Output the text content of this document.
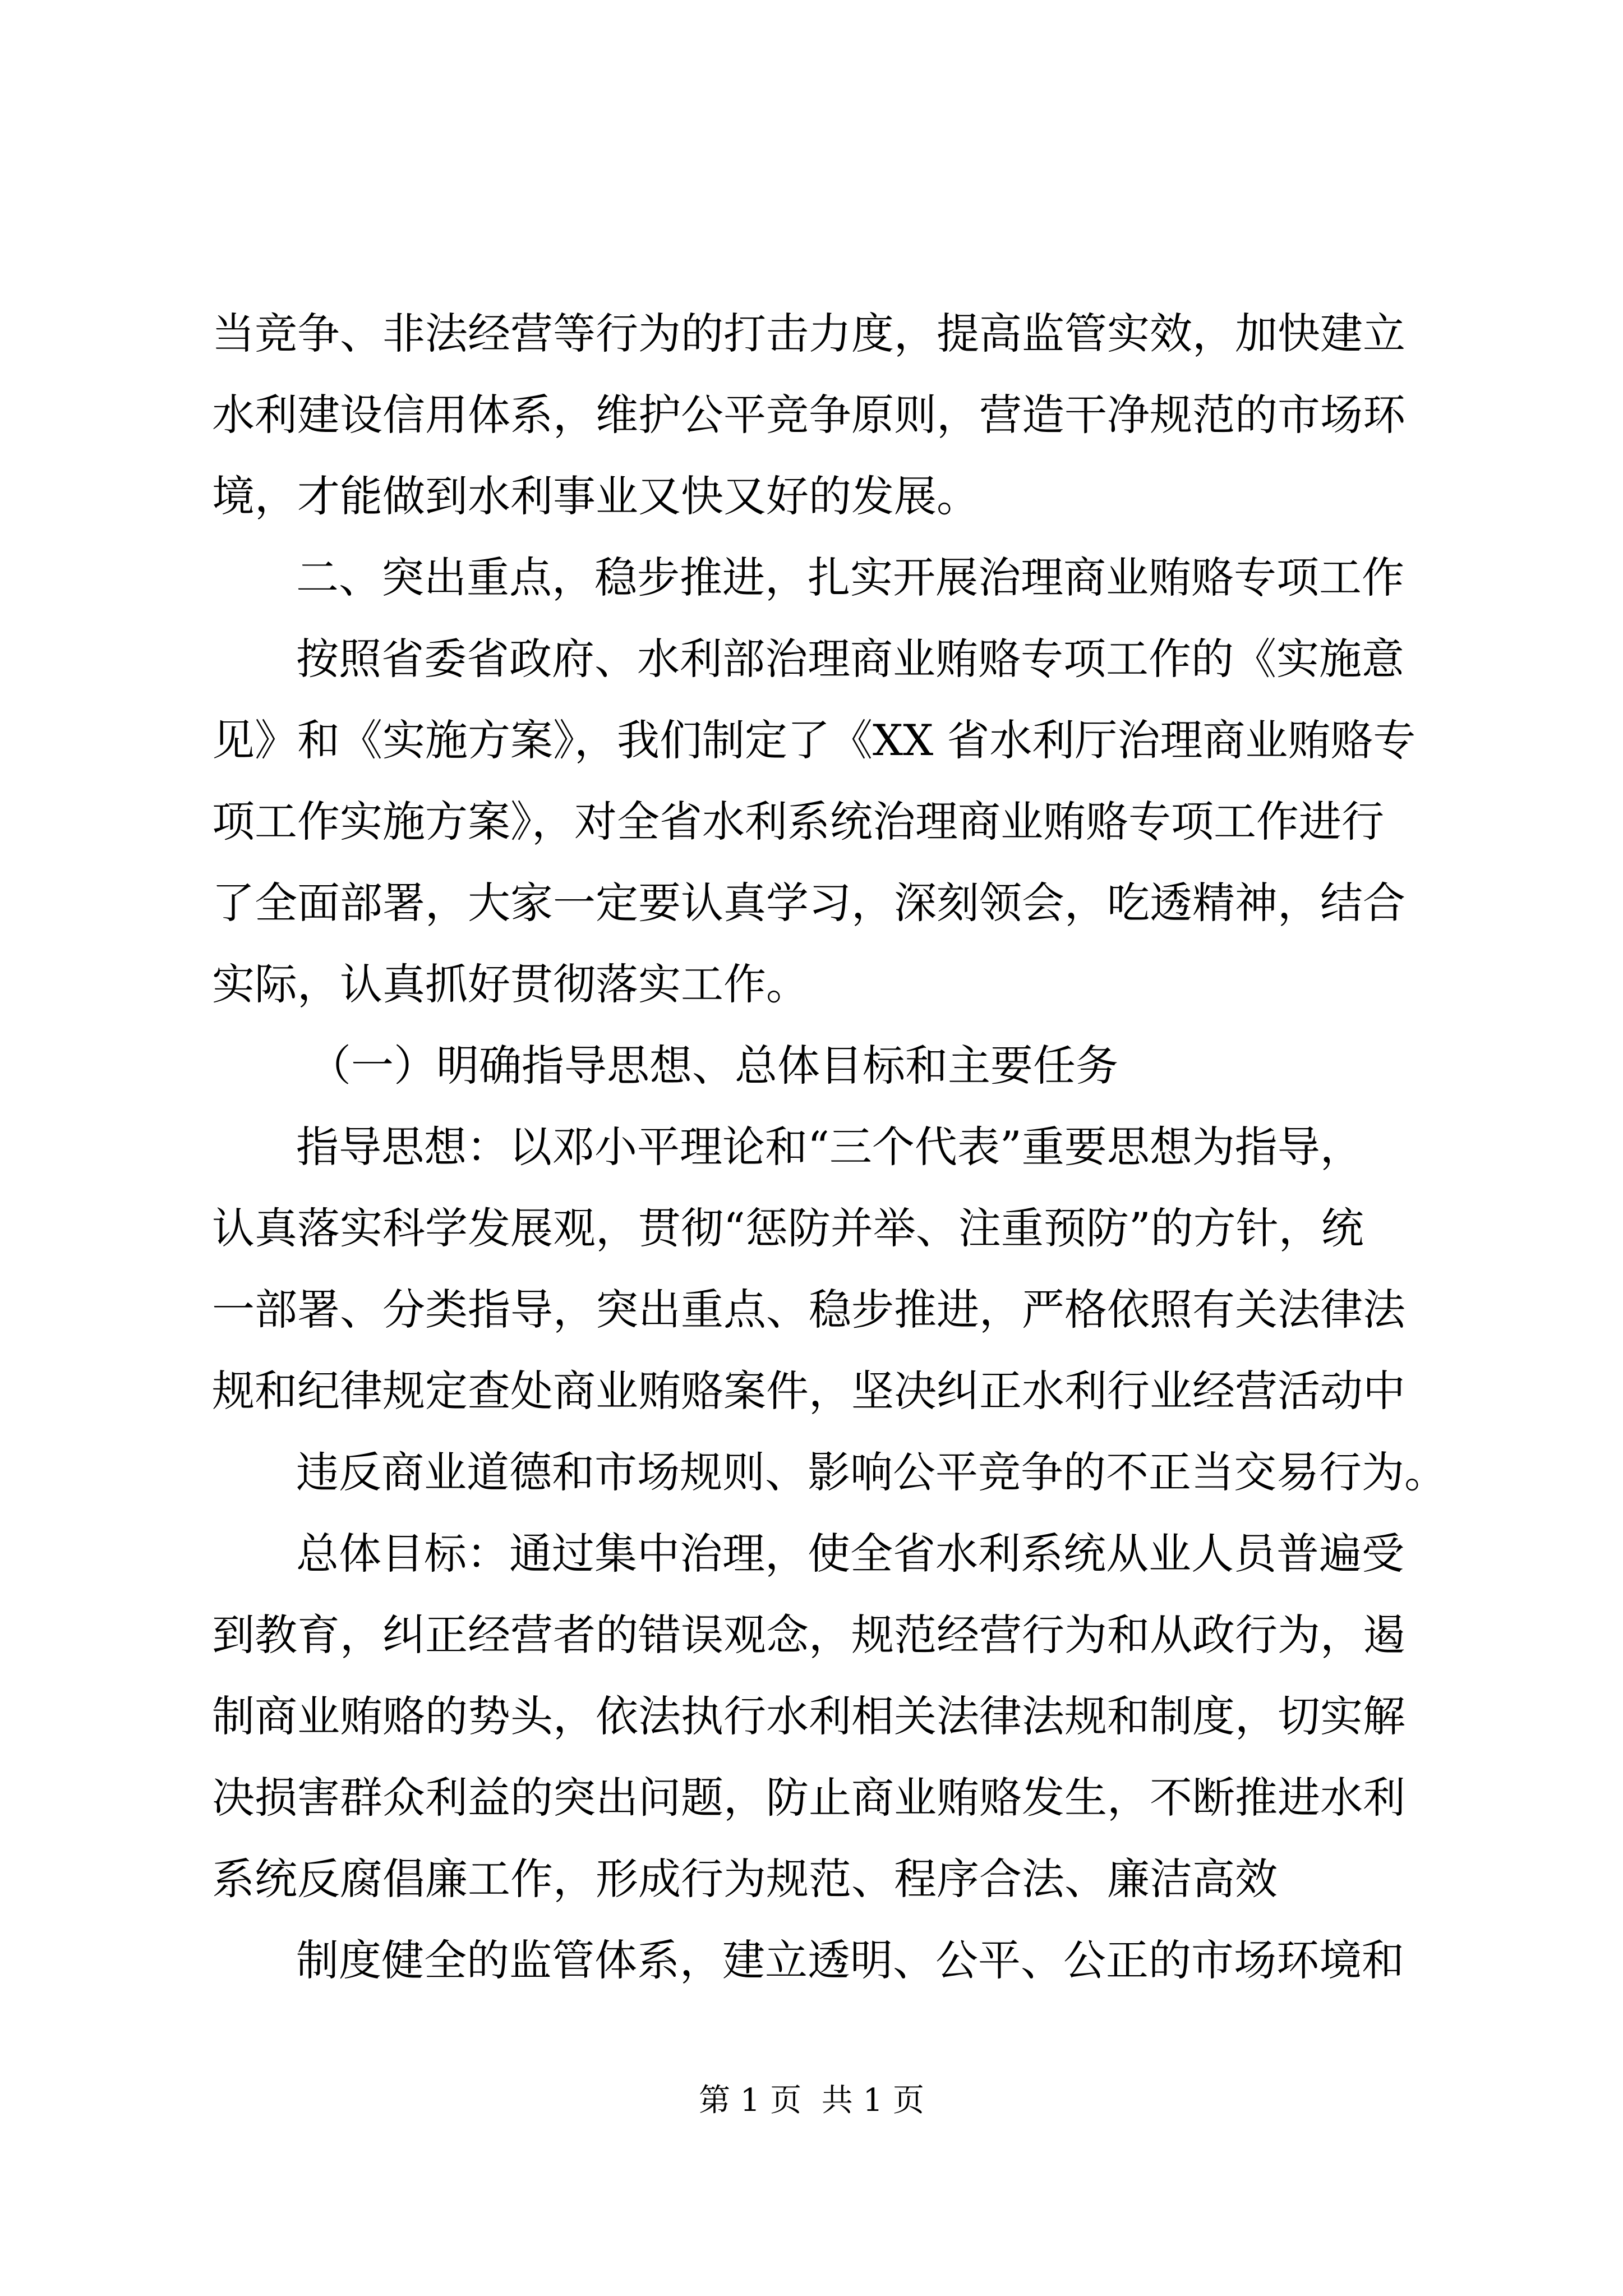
当竞争、非法经营等行为的打击力度，提高监管实效，加快建立
水利建设信用体系，维护公平竞争原则，营造干净规范的市场环
境，才能做到水利事业又快又好的发展。
二、突出重点，稳步推进，扎实开展治理商业贿赂专项工作
按照省委省政府、水利部治理商业贿赂专项工作的《实施意
见》和《实施方案》，我们制定了《XX 省水利厅治理商业贿赂专
项工作实施方案》，对全省水利系统治理商业贿赂专项工作进行
了全面部署，大家一定要认真学习，深刻领会，吃透精神，结合
实际，认真抓好贯彻落实工作。
（一）明确指导思想、总体目标和主要任务
指导思想：以邓小平理论和“三个代表”重要思想为指导，
认真落实科学发展观，贯彻“惩防并举、注重预防”的方针，统
一部署、分类指导，突出重点、稳步推进，严格依照有关法律法
规和纪律规定查处商业贿赂案件，坚决纠正水利行业经营活动中
违反商业道德和市场规则、影响公平竞争的不正当交易行为。
总体目标：通过集中治理，使全省水利系统从业人员普遍受
到教育，纠正经营者的错误观念，规范经营行为和从政行为，遏
制商业贿赂的势头，依法执行水利相关法律法规和制度，切实解
决损害群众利益的突出问题，防止商业贿赂发生，不断推进水利
系统反腐倡廉工作，形成行为规范、程序合法、廉洁高效
制度健全的监管体系，建立透明、公平、公正的市场环境和
第 1 页  共 1 页
